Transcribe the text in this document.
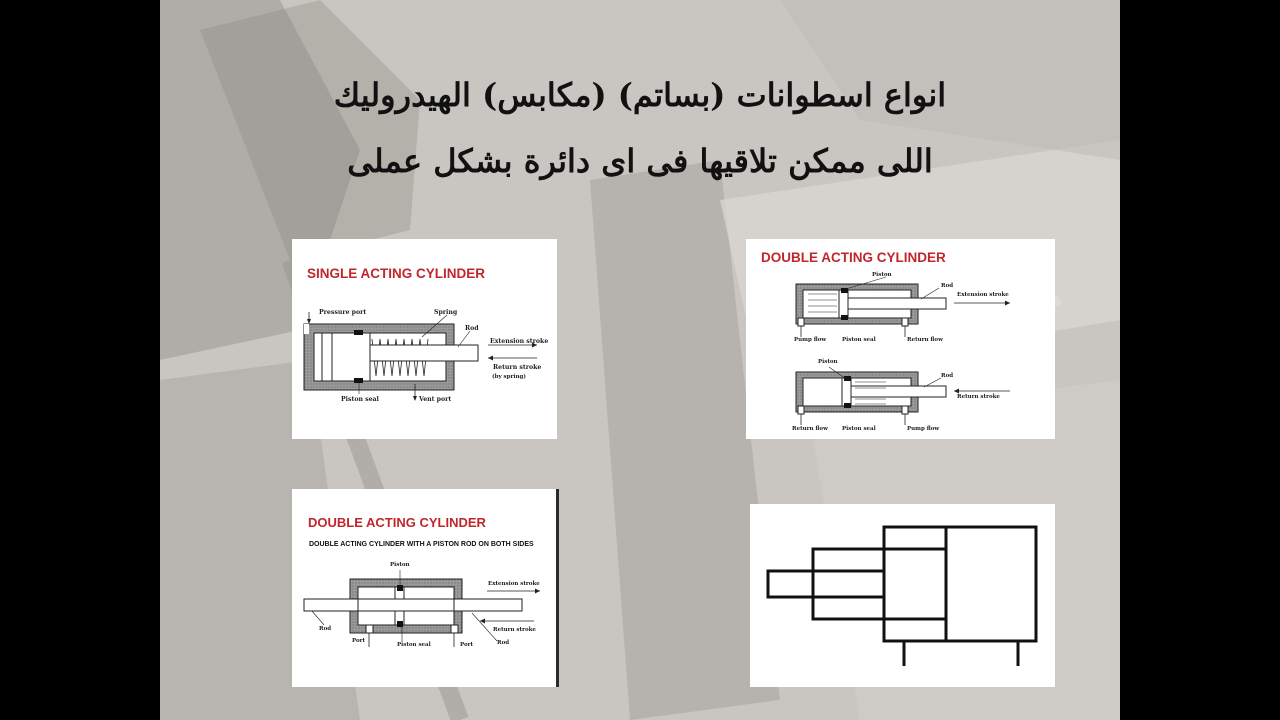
انواع اسطوانات (بساتم) (مكابس) الهيدروليك
اللى ممكن تلاقيها فى اى دائرة بشكل عملى
SINGLE ACTING CYLINDER
Pressure port	Spring
Rod
Extension stroke
Return stroke
(by spring)
Piston seal	Vent port
DOUBLE ACTING CYLINDER
Piston
Rod
Extension stroke
Pump flow	Piston seal	Return flow
Piston
Rod
Return stroke
Return flow	Piston seal	Pump flow
DOUBLE ACTING CYLINDER
DOUBLE ACTING CYLINDER WITH A PISTON ROD ON BOTH SIDES
Piston
Extension stroke
Rod	Return stroke
Rod
Port
Piston seal	Port
